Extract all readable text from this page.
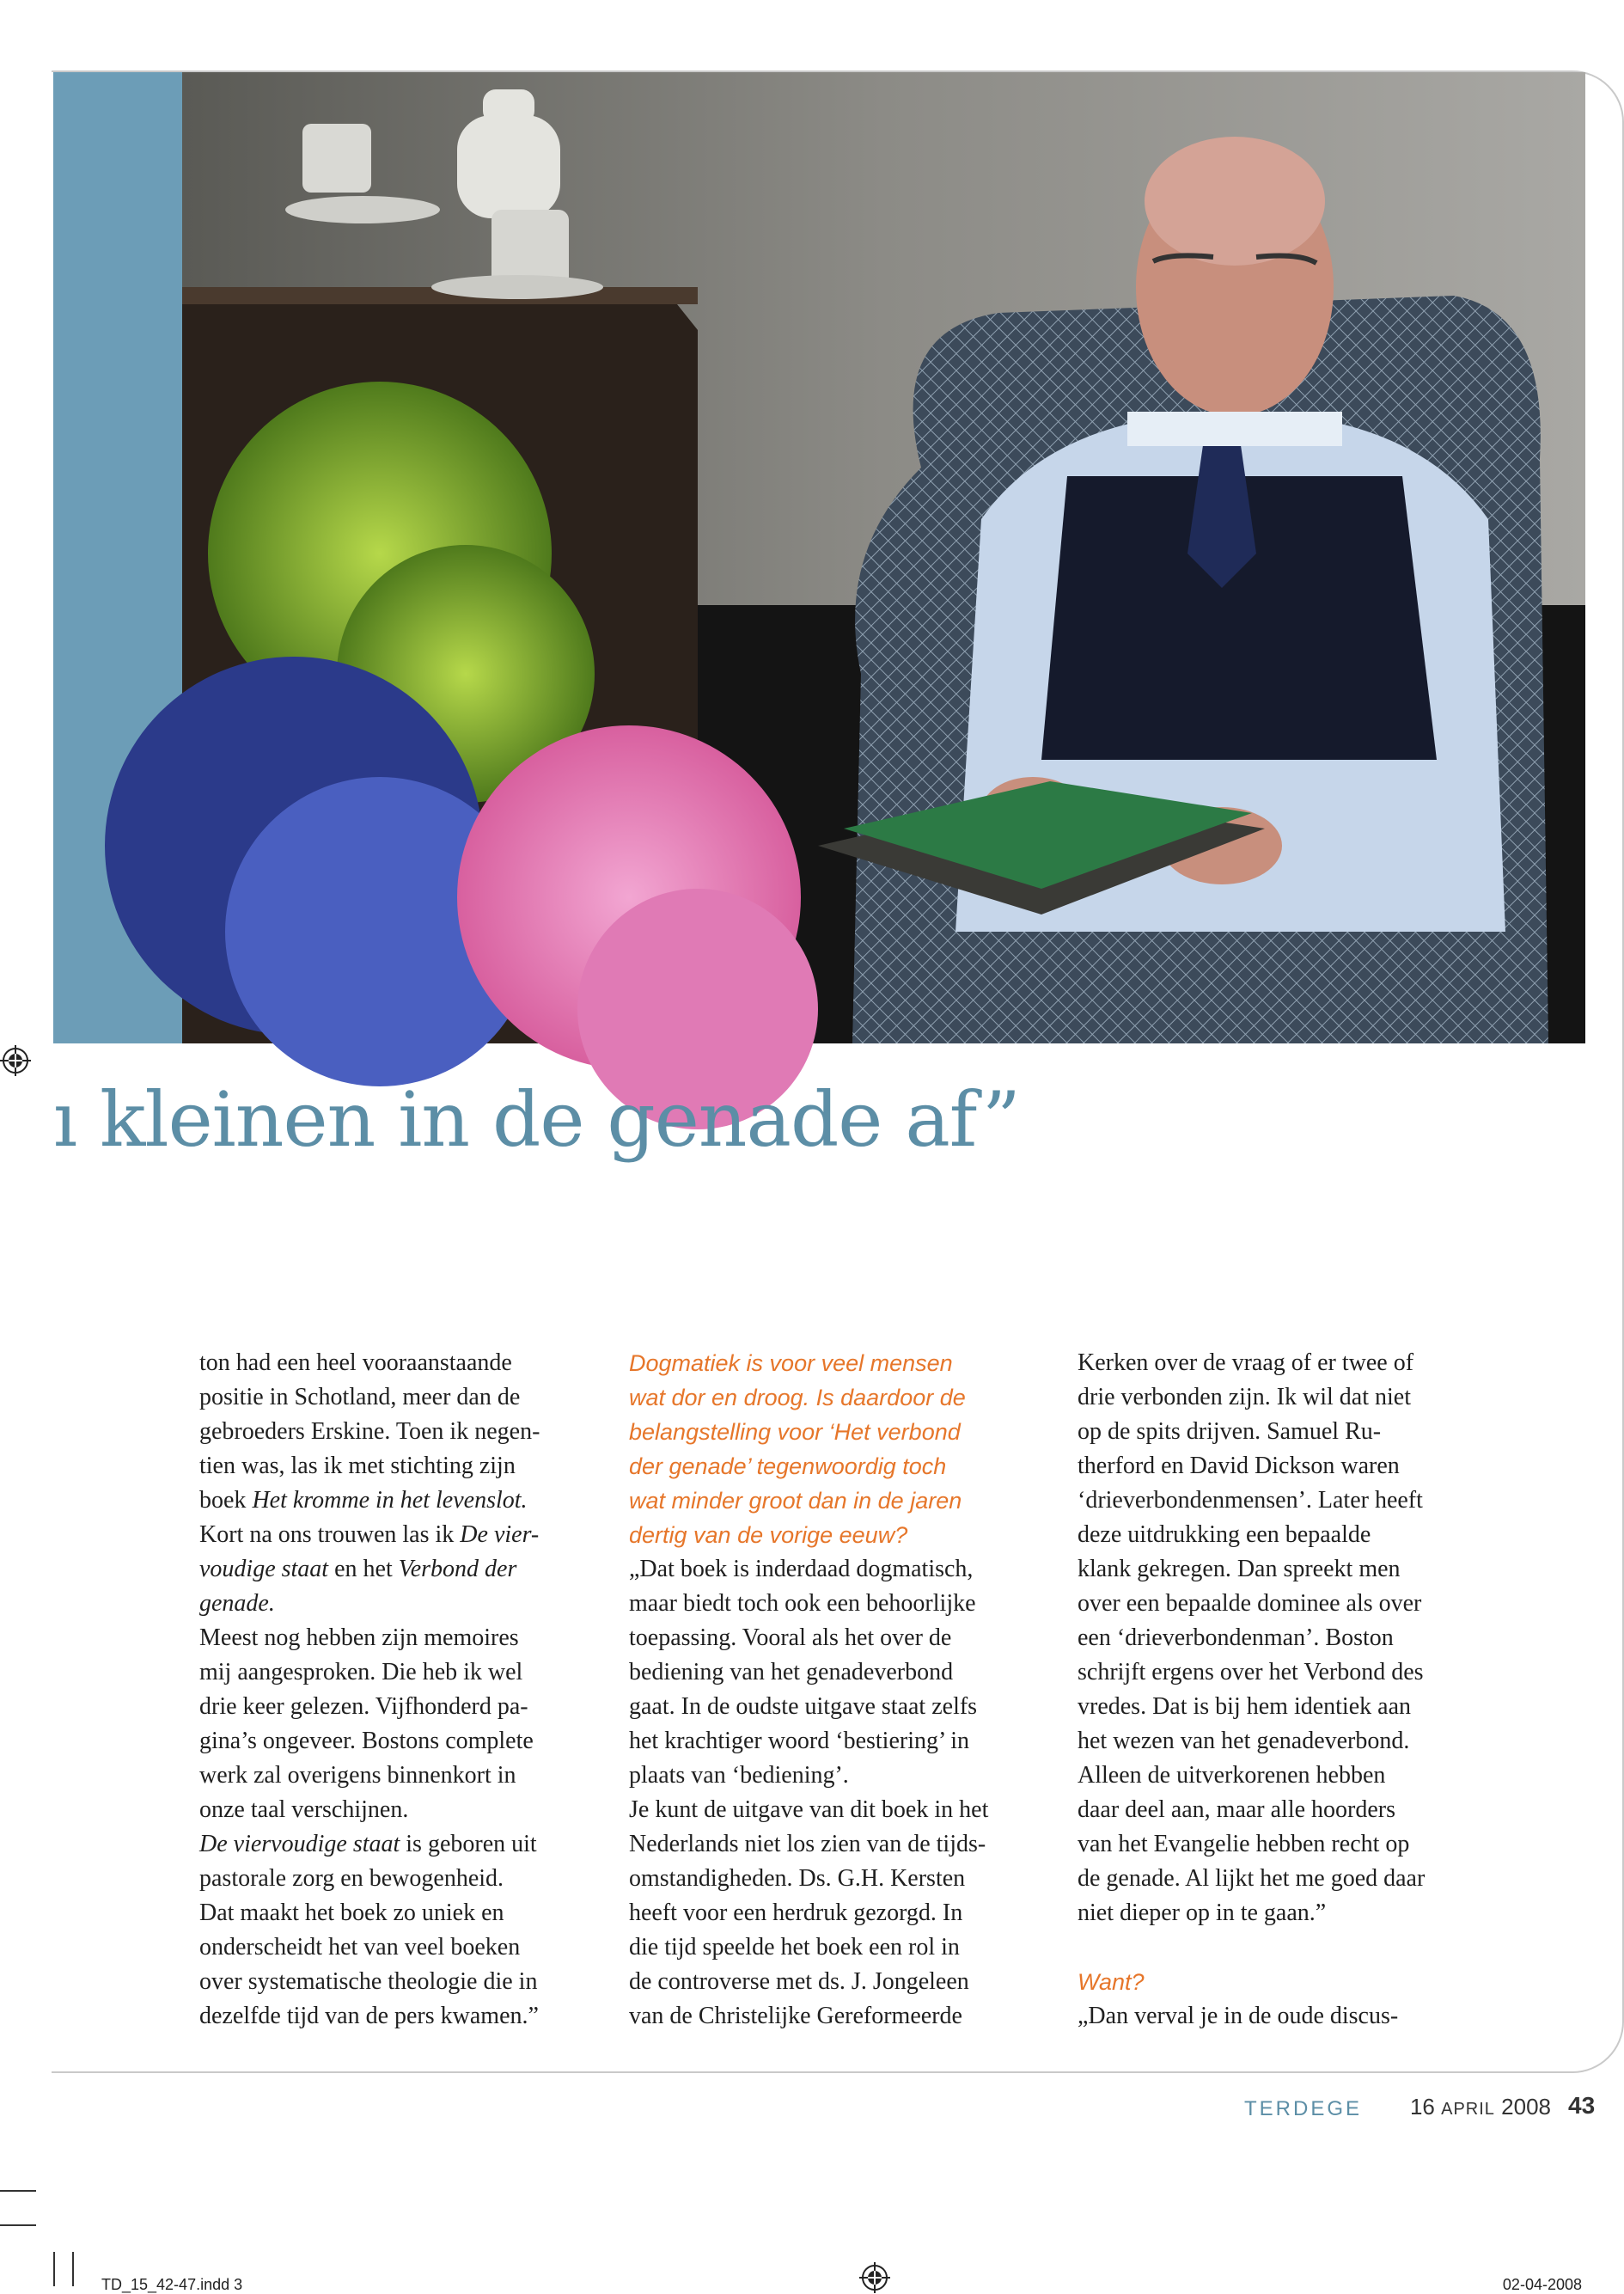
ı kleinen in de genade af”

ton had een heel vooraanstaande

positie in Schotland, meer dan de

gebroeders Erskine. Toen ik negen-

tien was, las ik met stichting zijn

boek Het kromme in het levenslot.

Kort na ons trouwen las ik De vier-

voudige staat en het Verbond der

genade.

Meest nog hebben zijn memoires

mij aangesproken. Die heb ik wel

drie keer gelezen. Vijfhonderd pa-

gina’s ongeveer. Bostons complete

werk zal overigens binnenkort in

onze taal verschijnen.

De viervoudige staat is geboren uit

pastorale zorg en bewogenheid.

Dat maakt het boek zo uniek en

onderscheidt het van veel boeken

over systematische theologie die in

dezelfde tijd van de pers kwamen.”

Dogmatiek is voor veel mensen

wat dor en droog. Is daardoor de

belangstelling voor ‘Het verbond

der genade’ tegenwoordig toch

wat minder groot dan in de jaren

dertig van de vorige eeuw?

„Dat boek is inderdaad dogmatisch,

maar biedt toch ook een behoorlijke

toepassing. Vooral als het over de

bediening van het genadeverbond

gaat. In de oudste uitgave staat zelfs

het krachtiger woord ‘bestiering’ in

plaats van ‘bediening’.

Je kunt de uitgave van dit boek in het

Nederlands niet los zien van de tijds-

omstandigheden. Ds. G.H. Kersten

heeft voor een herdruk gezorgd. In

die tijd speelde het boek een rol in

de controverse met ds. J. Jongeleen

van de Christelijke Gereformeerde

Kerken over de vraag of er twee of

drie verbonden zijn. Ik wil dat niet

op de spits drijven. Samuel Ru-

therford en David Dickson waren

‘drieverbondenmensen’. Later heeft

deze uitdrukking een bepaalde

klank gekregen. Dan spreekt men

over een bepaalde dominee als over

een ‘drieverbondenman’. Boston

schrijft ergens over het Verbond des

vredes. Dat is bij hem identiek aan

het wezen van het genadeverbond.

Alleen de uitverkorenen hebben

daar deel aan, maar alle hoorders

van het Evangelie hebben recht op

de genade. Al lijkt het me goed daar

niet dieper op in te gaan.”

Want?

„Dan verval je in de oude discus-

TERDEGE 16 APRIL 2008 43
TD_15_42-47.indd 3	02-04-2008
